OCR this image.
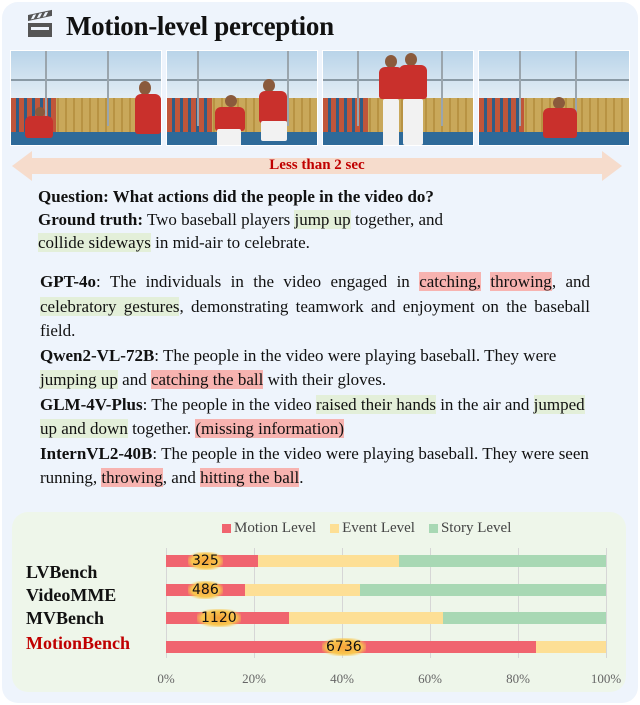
Motion-level perception
Less than 2 sec
Question: What actions did the people in the video do?
Ground truth: Two baseball players jump up together, and
collide sideways in mid-air to celebrate.

GPT-4o: The individuals in the video engaged in catching, throwing, and celebratory gestures, demonstrating teamwork and enjoyment on the baseball field.

Qwen2-VL-72B: The people in the video were playing baseball. They were jumping up and catching the ball with their gloves.

GLM-4V-Plus: The people in the video raised their hands in the air and jumped up and down together. (missing information)

InternVL2-40B: The people in the video were playing baseball. They were seen running, throwing, and hitting the ball.

Motion Level Event Level Story Level
LVBench
VideoMME
MVBench
MotionBench
325
486
1120
6736
0%	20%	40%	60%	80%	100%
